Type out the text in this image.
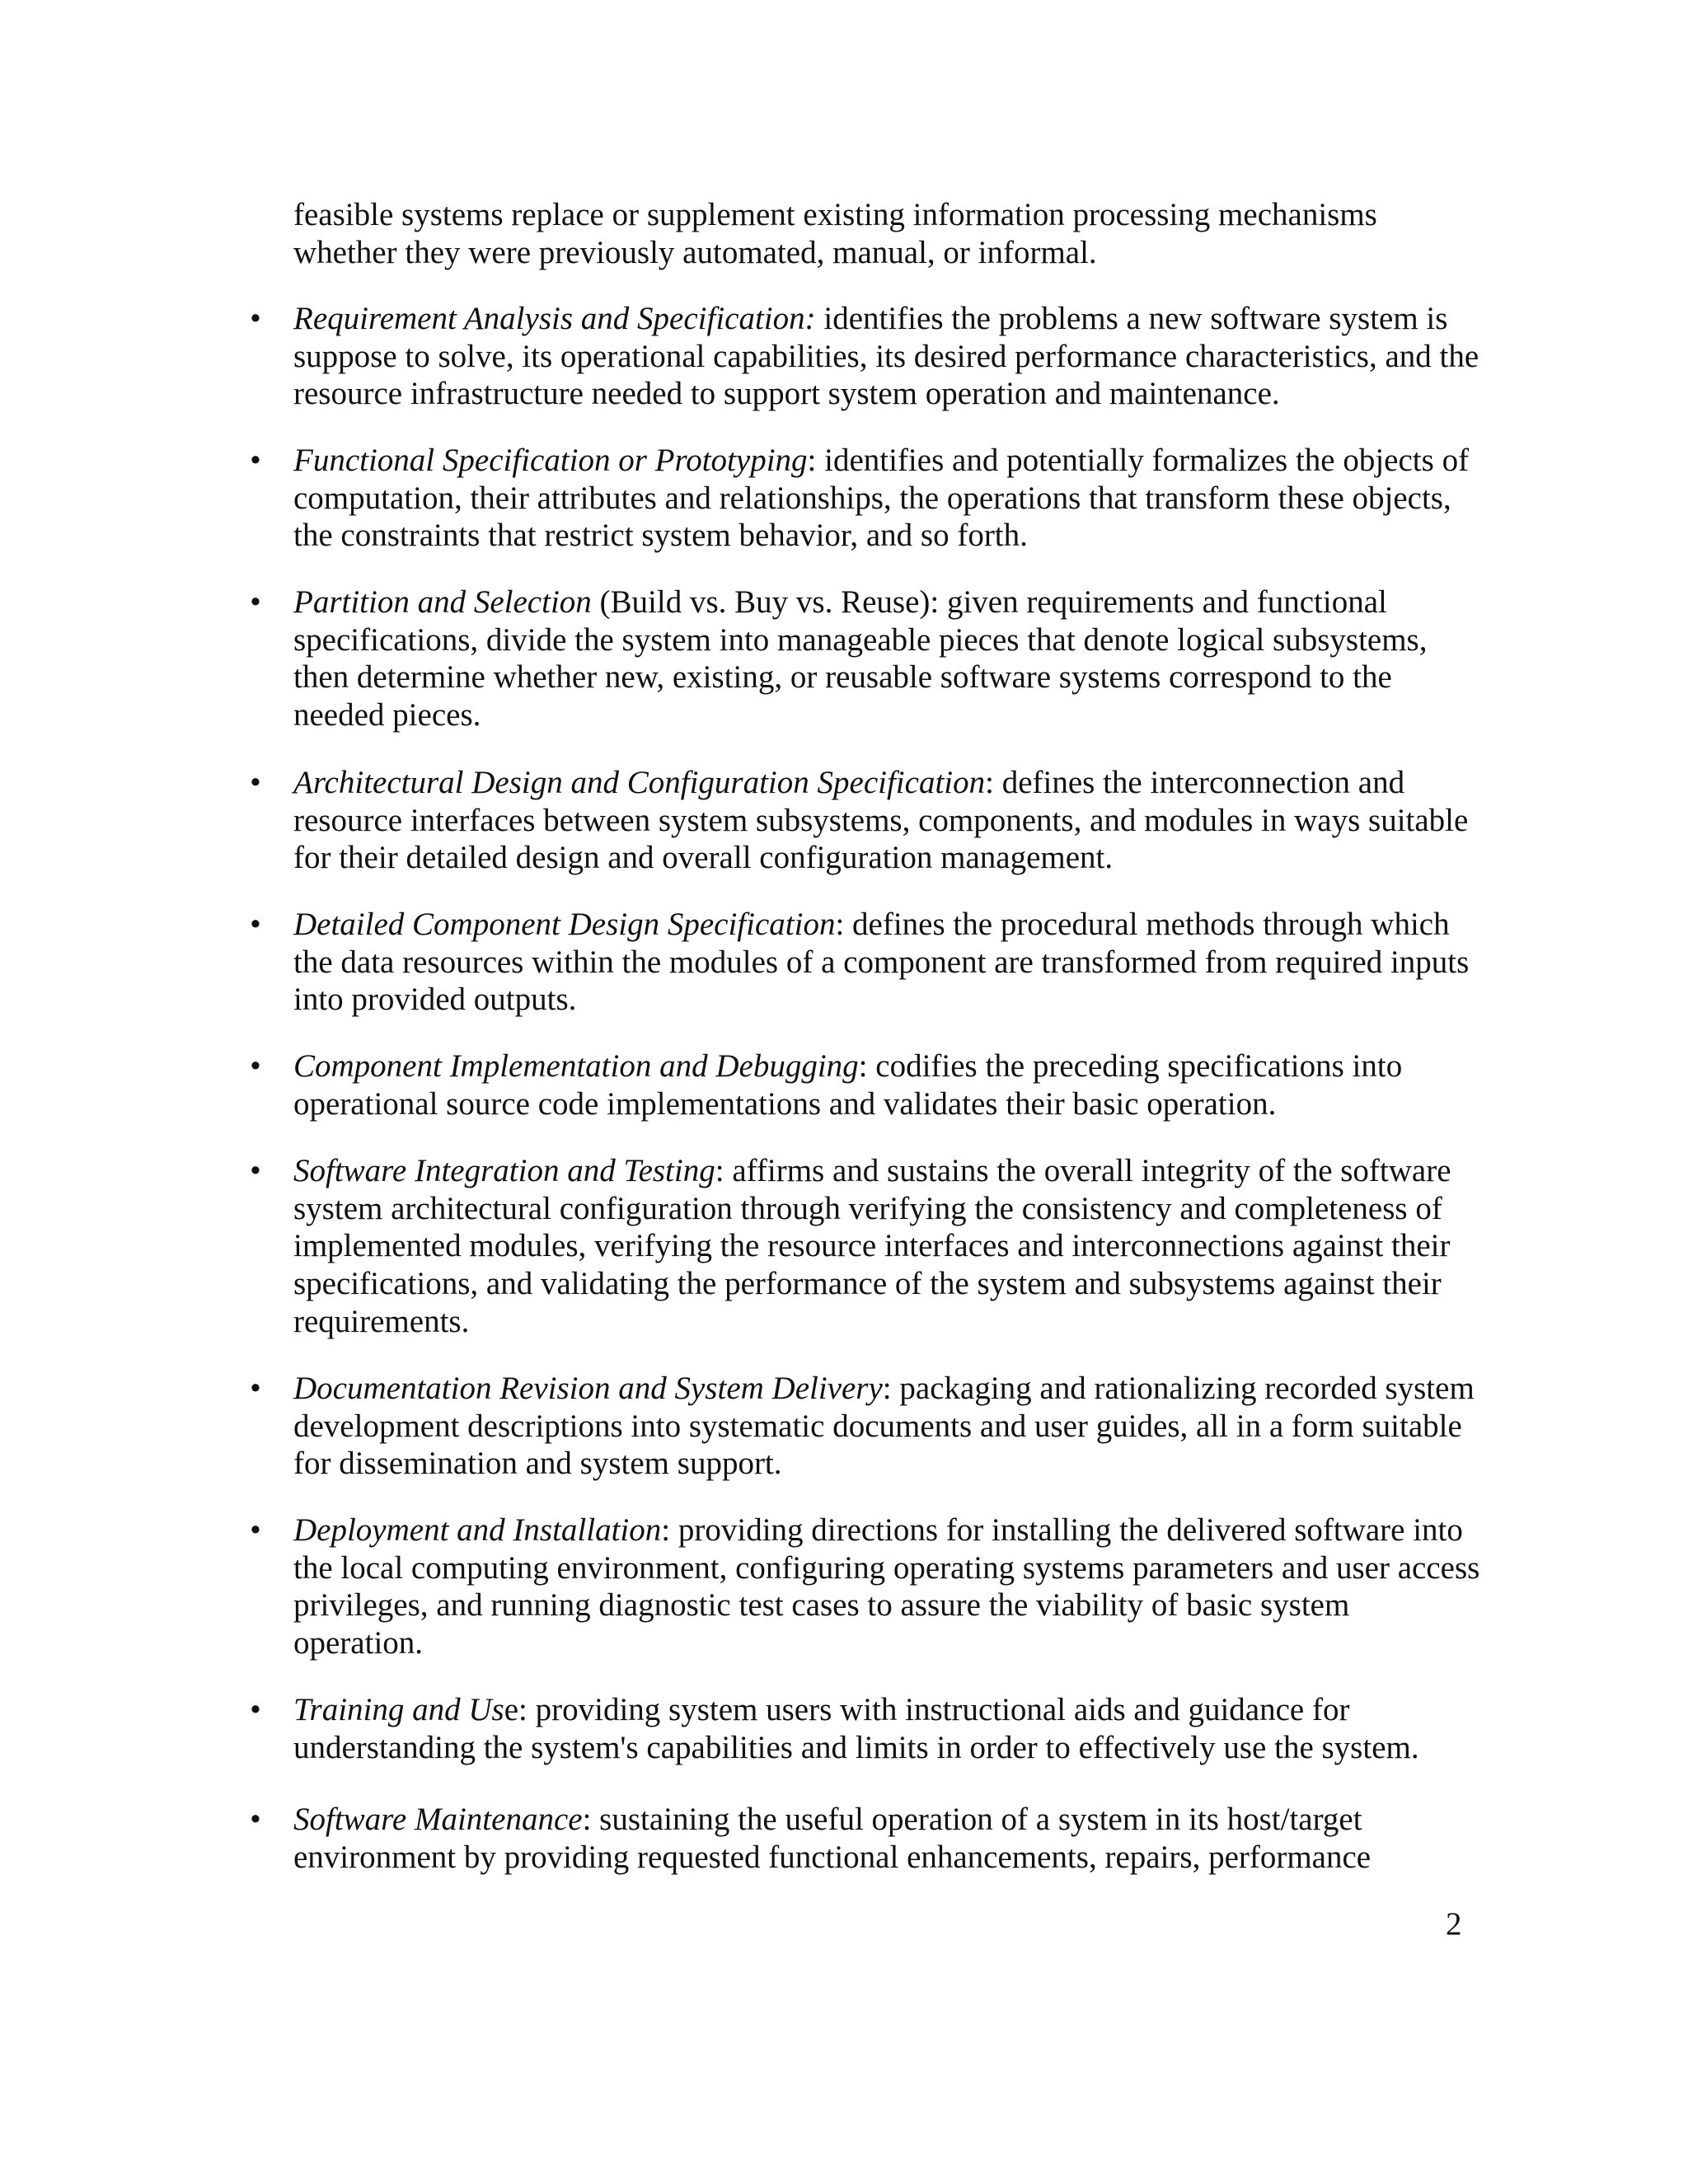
feasible systems replace or supplement existing information processing mechanisms
whether they were previously automated, manual, or informal.
• Requirement Analysis and Specification: identifies the problems a new software system is suppose to solve, its operational capabilities, its desired performance characteristics, and the resource infrastructure needed to support system operation and maintenance.
• Functional Specification or Prototyping: identifies and potentially formalizes the objects of computation, their attributes and relationships, the operations that transform these objects, the constraints that restrict system behavior, and so forth.
• Partition and Selection (Build vs. Buy vs. Reuse): given requirements and functional specifications, divide the system into manageable pieces that denote logical subsystems, then determine whether new, existing, or reusable software systems correspond to the needed pieces.
• Architectural Design and Configuration Specification: defines the interconnection and resource interfaces between system subsystems, components, and modules in ways suitable for their detailed design and overall configuration management.
• Detailed Component Design Specification: defines the procedural methods through which the data resources within the modules of a component are transformed from required inputs into provided outputs.
• Component Implementation and Debugging: codifies the preceding specifications into operational source code implementations and validates their basic operation.
• Software Integration and Testing: affirms and sustains the overall integrity of the software system architectural configuration through verifying the consistency and completeness of implemented modules, verifying the resource interfaces and interconnections against their specifications, and validating the performance of the system and subsystems against their requirements.
• Documentation Revision and System Delivery: packaging and rationalizing recorded system development descriptions into systematic documents and user guides, all in a form suitable for dissemination and system support.
• Deployment and Installation: providing directions for installing the delivered software into the local computing environment, configuring operating systems parameters and user access privileges, and running diagnostic test cases to assure the viability of basic system operation.
• Training and Use: providing system users with instructional aids and guidance for understanding the system's capabilities and limits in order to effectively use the system.
• Software Maintenance: sustaining the useful operation of a system in its host/target environment by providing requested functional enhancements, repairs, performance
2
